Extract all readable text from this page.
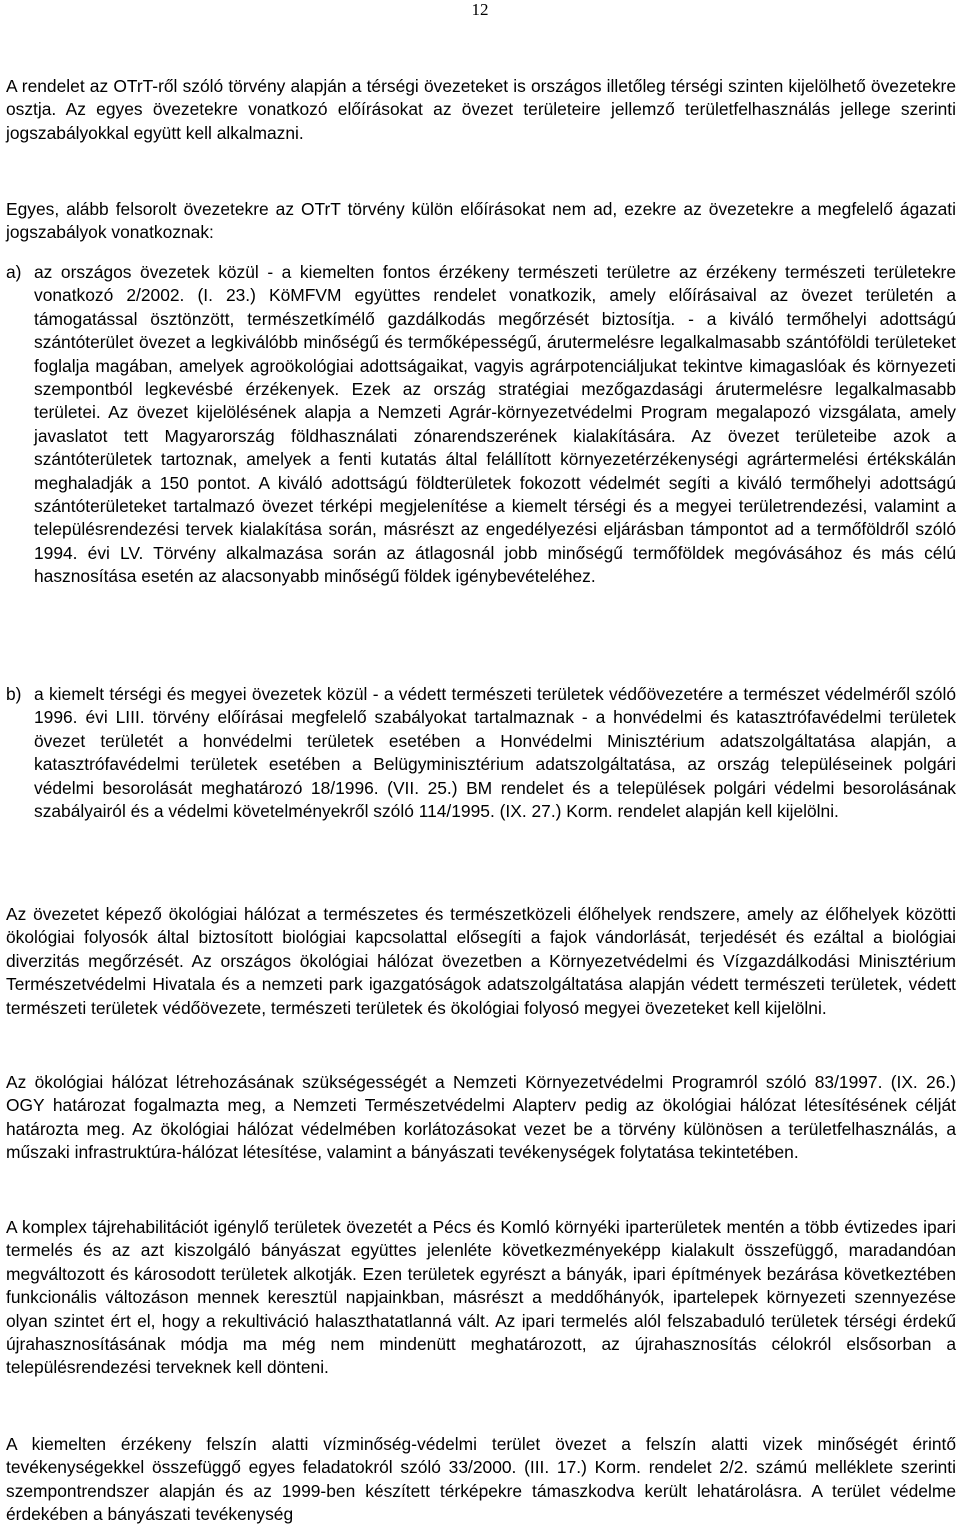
12

A rendelet az OTrT-ről szóló törvény alapján a térségi övezeteket is országos illetőleg térségi szinten kijelölhető övezetekre osztja. Az egyes övezetekre vonatkozó előírásokat az övezet területeire jellemző területfelhasználás jellege szerinti jogszabályokkal együtt kell alkalmazni.

Egyes, alább felsorolt övezetekre az OTrT törvény külön előírásokat nem ad, ezekre az övezetekre a megfelelő ágazati jogszabályok vonatkoznak:

a) az országos övezetek közül - a kiemelten fontos érzékeny természeti területre az érzékeny természeti területekre vonatkozó 2/2002. (I. 23.) KöMFVM együttes rendelet vonatkozik, amely előírásaival az övezet területén a támogatással ösztönzött, természetkímélő gazdálkodás megőrzését biztosítja. - a kiváló termőhelyi adottságú szántóterület övezet a legkiválóbb minőségű és termőképességű, árutermelésre legalkalmasabb szántóföldi területeket foglalja magában, amelyek agroökológiai adottságaikat, vagyis agrárpotenciáljukat tekintve kimagaslóak és környezeti szempontból legkevésbé érzékenyek. Ezek az ország stratégiai mezőgazdasági árutermelésre legalkalmasabb területei. Az övezet kijelölésének alapja a Nemzeti Agrár-környezetvédelmi Program megalapozó vizsgálata, amely javaslatot tett Magyarország földhasználati zónarendszerének kialakítására. Az övezet területeibe azok a szántóterületek tartoznak, amelyek a fenti kutatás által felállított környezetérzékenységi agrártermelési értékskálán meghaladják a 150 pontot. A kiváló adottságú földterületek fokozott védelmét segíti a kiváló termőhelyi adottságú szántóterületeket tartalmazó övezet térképi megjelenítése a kiemelt térségi és a megyei területrendezési, valamint a településrendezési tervek kialakítása során, másrészt az engedélyezési eljárásban támpontot ad a termőföldről szóló 1994. évi LV. Törvény alkalmazása során az átlagosnál jobb minőségű termőföldek megóvásához és más célú hasznosítása esetén az alacsonyabb minőségű földek igénybevételéhez.

b) a kiemelt térségi és megyei övezetek közül - a védett természeti területek védőövezetére a természet védelméről szóló 1996. évi LIII. törvény előírásai megfelelő szabályokat tartalmaznak - a honvédelmi és katasztrófavédelmi területek övezet területét a honvédelmi területek esetében a Honvédelmi Minisztérium adatszolgáltatása alapján, a katasztrófavédelmi területek esetében a Belügyminisztérium adatszolgáltatása, az ország településeinek polgári védelmi besorolását meghatározó 18/1996. (VII. 25.) BM rendelet és a települések polgári védelmi besorolásának szabályairól és a védelmi követelményekről szóló 114/1995. (IX. 27.) Korm. rendelet alapján kell kijelölni.

Az övezetet képező ökológiai hálózat a természetes és természetközeli élőhelyek rendszere, amely az élőhelyek közötti ökológiai folyosók által biztosított biológiai kapcsolattal elősegíti a fajok vándorlását, terjedését és ezáltal a biológiai diverzitás megőrzését. Az országos ökológiai hálózat övezetben a Környezetvédelmi és Vízgazdálkodási Minisztérium Természetvédelmi Hivatala és a nemzeti park igazgatóságok adatszolgáltatása alapján védett természeti területek, védett természeti területek védőövezete, természeti területek és ökológiai folyosó megyei övezeteket kell kijelölni.

Az ökológiai hálózat létrehozásának szükségességét a Nemzeti Környezetvédelmi Programról szóló 83/1997. (IX. 26.) OGY határozat fogalmazta meg, a Nemzeti Természetvédelmi Alapterv pedig az ökológiai hálózat létesítésének célját határozta meg. Az ökológiai hálózat védelmében korlátozásokat vezet be a törvény különösen a területfelhasználás, a műszaki infrastruktúra-hálózat létesítése, valamint a bányászati tevékenységek folytatása tekintetében.

A komplex tájrehabilitációt igénylő területek övezetét a Pécs és Komló környéki iparterületek mentén a több évtizedes ipari termelés és az azt kiszolgáló bányászat együttes jelenléte következményeképp kialakult összefüggő, maradandóan megváltozott és károsodott területek alkotják. Ezen területek egyrészt a bányák, ipari építmények bezárása következtében funkcionális változáson mennek keresztül napjainkban, másrészt a meddőhányók, ipartelepek környezeti szennyezése olyan szintet ért el, hogy a rekultiváció halaszthatatlanná vált. Az ipari termelés alól felszabaduló területek térségi érdekű újrahasznosításának módja ma még nem mindenütt meghatározott, az újrahasznosítás célokról elsősorban a településrendezési terveknek kell dönteni.

A kiemelten érzékeny felszín alatti vízminőség-védelmi terület övezet a felszín alatti vizek minőségét érintő tevékenységekkel összefüggő egyes feladatokról szóló 33/2000. (III. 17.) Korm. rendelet 2/2. számú melléklete szerinti szempontrendszer alapján és az 1999-ben készített térképekre támaszkodva került lehatárolásra. A terület védelme érdekében a bányászati tevékenység
